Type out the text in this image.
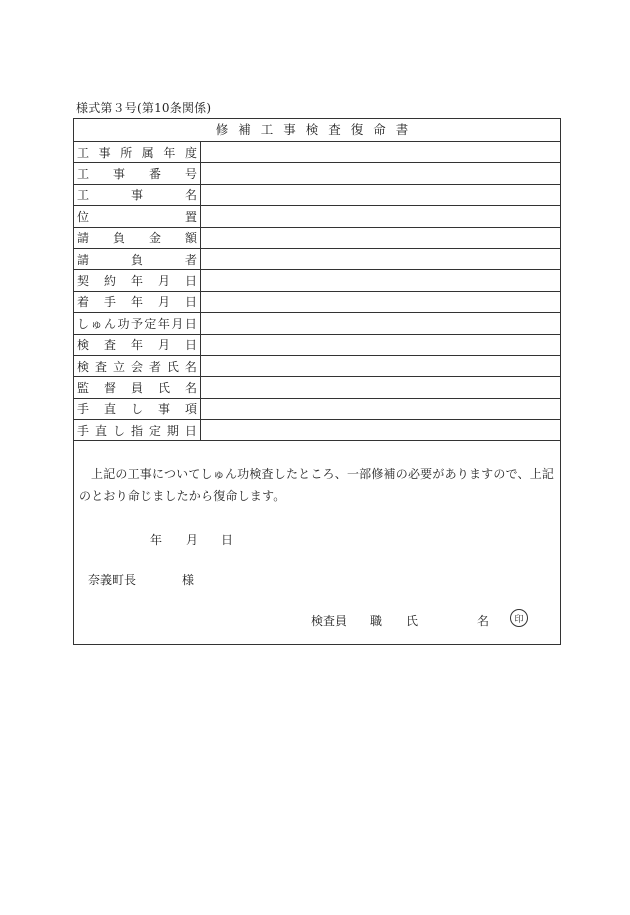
様式第３号(第10条関係)
修補工事検査復命書
工 事 所 属 年 度
工 事 番 号
工	事	名
位	置
請 負 金 額
請	負	者
契 約 年 月 日
着 手 年 月 日
し ゅ ん 功 予 定 年 月 日
検 査 年 月 日
検 査 立 会 者 氏 名
監 督 員 氏 名
手 直 し 事 項
手 直 し 指 定 期 日
上記の工事についてしゅん功検査したところ、一部修補の必要がありますので、上記のとおり命じましたから復命します。
年 月 日
奈義町長	様
検査員 職 氏	名	印
